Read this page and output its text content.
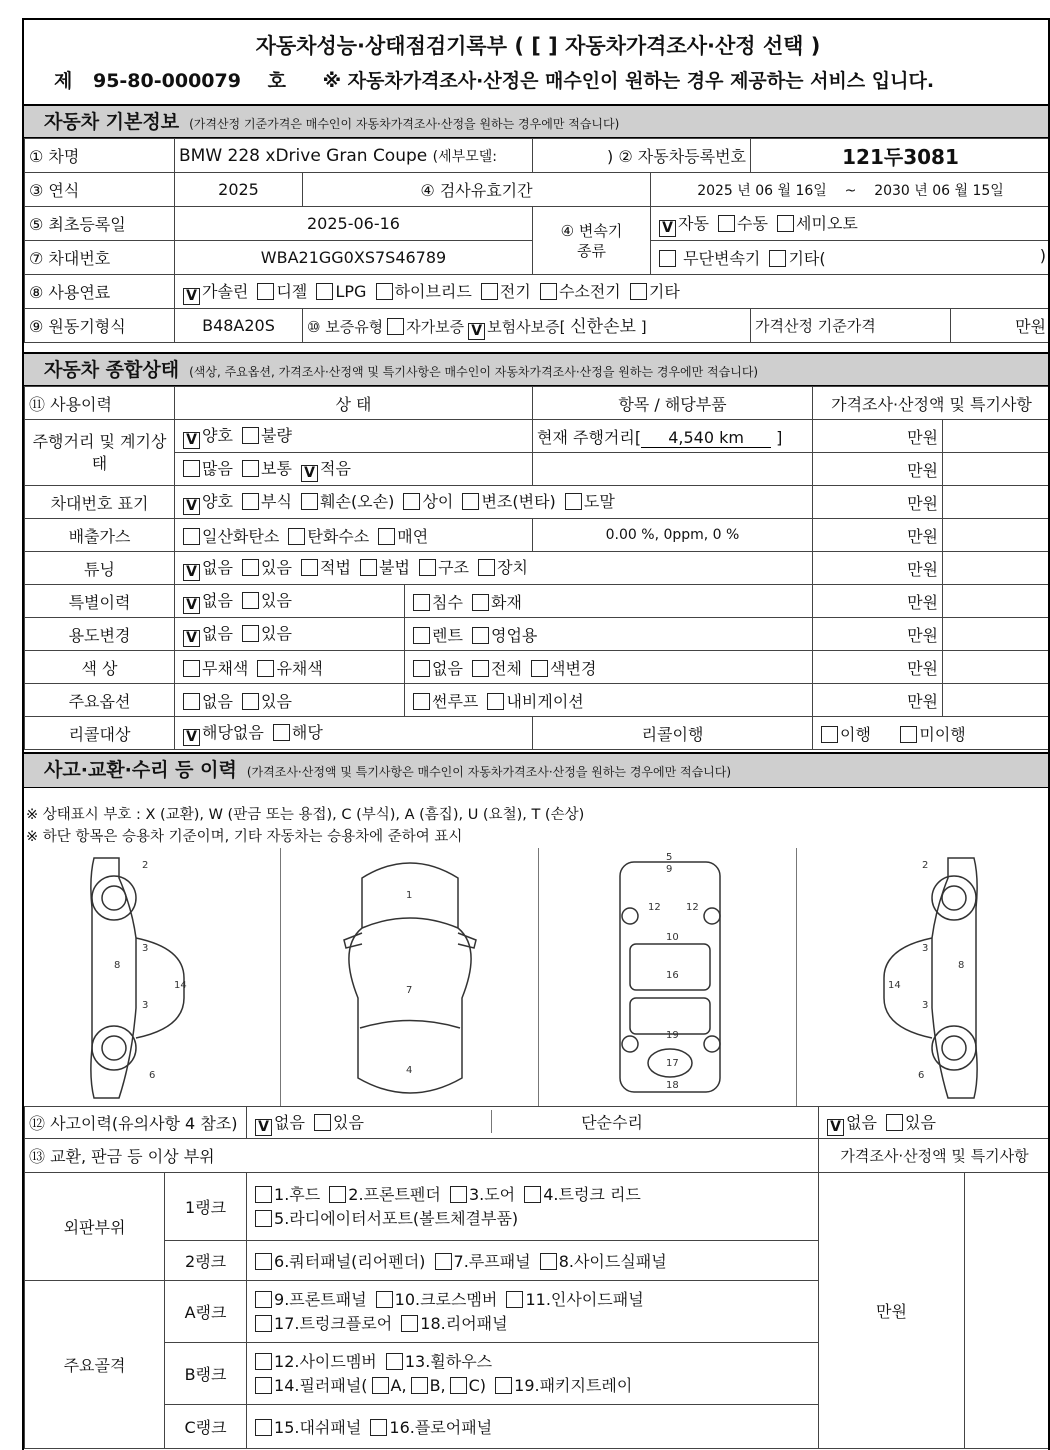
자동차성능·상태점검기록부 ( [ ] 자동차가격조사·산정 선택 )
제 95-80-000079 호 ※ 자동차가격조사·산정은 매수인이 원하는 경우 제공하는 서비스 입니다.
자동차 기본정보 (가격산정 기준가격은 매수인이 자동차가격조사·산정을 원하는 경우에만 적습니다)
① 차명	BMW 228 xDrive Gran Coupe (세부모델:		) ② 자동차등록번호		121두3081	
③ 연식	2025	④ 검사유효기간		2025 년 06 월 16일 ~ 2030 년 06 월 15일		
⑤ 최초등록일	2025-06-16		④ 변속기
종류	V 자동 수동 세미오토		
⑦ 차대번호	WBA21GG0XS7S46789			무단변속기 기타( )		

⑧ 사용연료	V 가솔린 디젤 LPG 하이브리드 전기 수소전기 기타					
⑨ 원동기형식	B48A20S	⑩ 보증유형 자가보증 V 보험사보증[ 신한손보 ]			가격산정 기준가격	만원
자동차 종합상태 (색상, 주요옵션, 가격조사·산정액 및 특기사항은 매수인이 자동차가격조사·산정을 원하는 경우에만 적습니다)
⑪ 사용이력	상 태		항목 / 해당부품	가격조사·산정액 및 특기사항	
주행거리 및 계기상태	V 양호 불량		현재 주행거리[ 4,540 km ]	만원	
	많음 보통 V 적음			만원	
차대번호 표기	V 양호 부식 훼손(오손) 상이 변조(변타) 도말			만원	
배출가스	일산화탄소 탄화수소 매연		0.00 %, 0ppm, 0 %	만원	
튜닝	V 없음 있음 적법 불법 구조 장치			만원	
특별이력	V 없음 있음	침수 화재		만원	
용도변경	V 없음 있음	렌트 영업용		만원	
색 상	무채색 유채색	없음 전체 색변경		만원	
주요옵션	없음 있음	썬루프 내비게이션		만원	
리콜대상	V 해당없음 해당		리콜이행	이행 미이행	
사고·교환·수리 등 이력 (가격조사·산정액 및 특기사항은 매수인이 자동차가격조사·산정을 원하는 경우에만 적습니다)
※ 상태표시 부호 : X (교환), W (판금 또는 용접), C (부식), A (흠집), U (요철), T (손상)
※ 하단 항목은 승용차 기준이며, 기타 자동차는 승용차에 준하여 표시
2
3
8
3
14
6
1
7
4
5
9
10
16
19
17
18
12	12
2
3
8
3
14
6
⑫ 사고이력(유의사항 4 참조)		V 없음 있음 단순수리	V 없음 있음	
⑬ 교환, 판금 등 이상 부위			가격조사·산정액 및 특기사항	
외판부위	1랭크	1.후드 2.프론트펜더 3.도어 4.트렁크 리드
5.라디에이터서포트(볼트체결부품)	만원	
	2랭크	6.쿼터패널(리어펜더) 7.루프패널 8.사이드실패널		
주요골격	A랭크	9.프론트패널 10.크로스멤버 11.인사이드패널
17.트렁크플로어 18.리어패널		
	B랭크	12.사이드멤버 13.휠하우스
14.필러패널( A, B, C) 19.패키지트레이		
	C랭크	15.대쉬패널 16.플로어패널		
